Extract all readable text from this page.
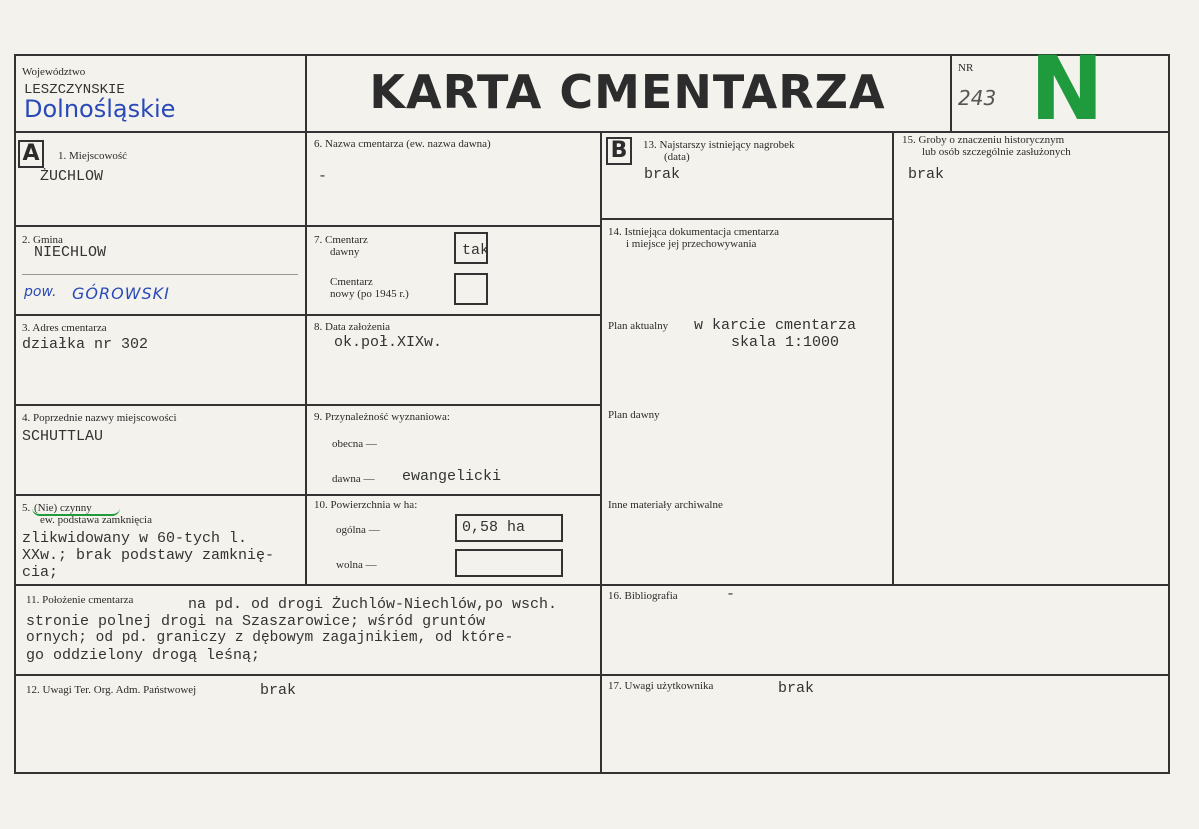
Województwo
LESZCZYNSKIE
Dolnośląskie	KARTA CMENTARZA	NR
243 N
A	1. Miejscowość
ŻUCHLOW
2. Gmina
NIECHLOW
pow. GÓROWSKI
3. Adres cmentarza
działka nr 302
4. Poprzednie nazwy miejscowości
SCHUTTLAU
5. (Nie) czynny
ew. podstawa zamknięcia
zlikwidowany w 60-tych l.
XXw.; brak podstawy zamknię-
cia;
6. Nazwa cmentarza (ew. nazwa dawna)
-
7. Cmentarz
dawny	tak
Cmentarz
nowy (po 1945 r.)
8. Data założenia
ok.poł.XIXw.
9. Przynależność wyznaniowa:
obecna —
dawna — ewangelicki
10. Powierzchnia w ha:
ogólna —	0,58 ha
wolna —
B	13. Najstarszy istniejący nagrobek
(data)
brak
14. Istniejąca dokumentacja cmentarza
i miejsce jej przechowywania
Plan aktualny w karcie cmentarza
skala 1:1000
Plan dawny
Inne materiały archiwalne
15. Groby o znaczeniu historycznym
lub osób szczególnie zasłużonych
brak
11. Położenie cmentarza	na pd. od drogi Żuchlów-Niechlów,po wsch.
stronie polnej drogi na Szaszarowice; wśród gruntów
ornych; od pd. graniczy z dębowym zagajnikiem, od które-
go oddzielony drogą leśną;
16. Bibliografia	-
12. Uwagi Ter. Org. Adm. Państwowej	brak	17. Uwagi użytkownika	brak
